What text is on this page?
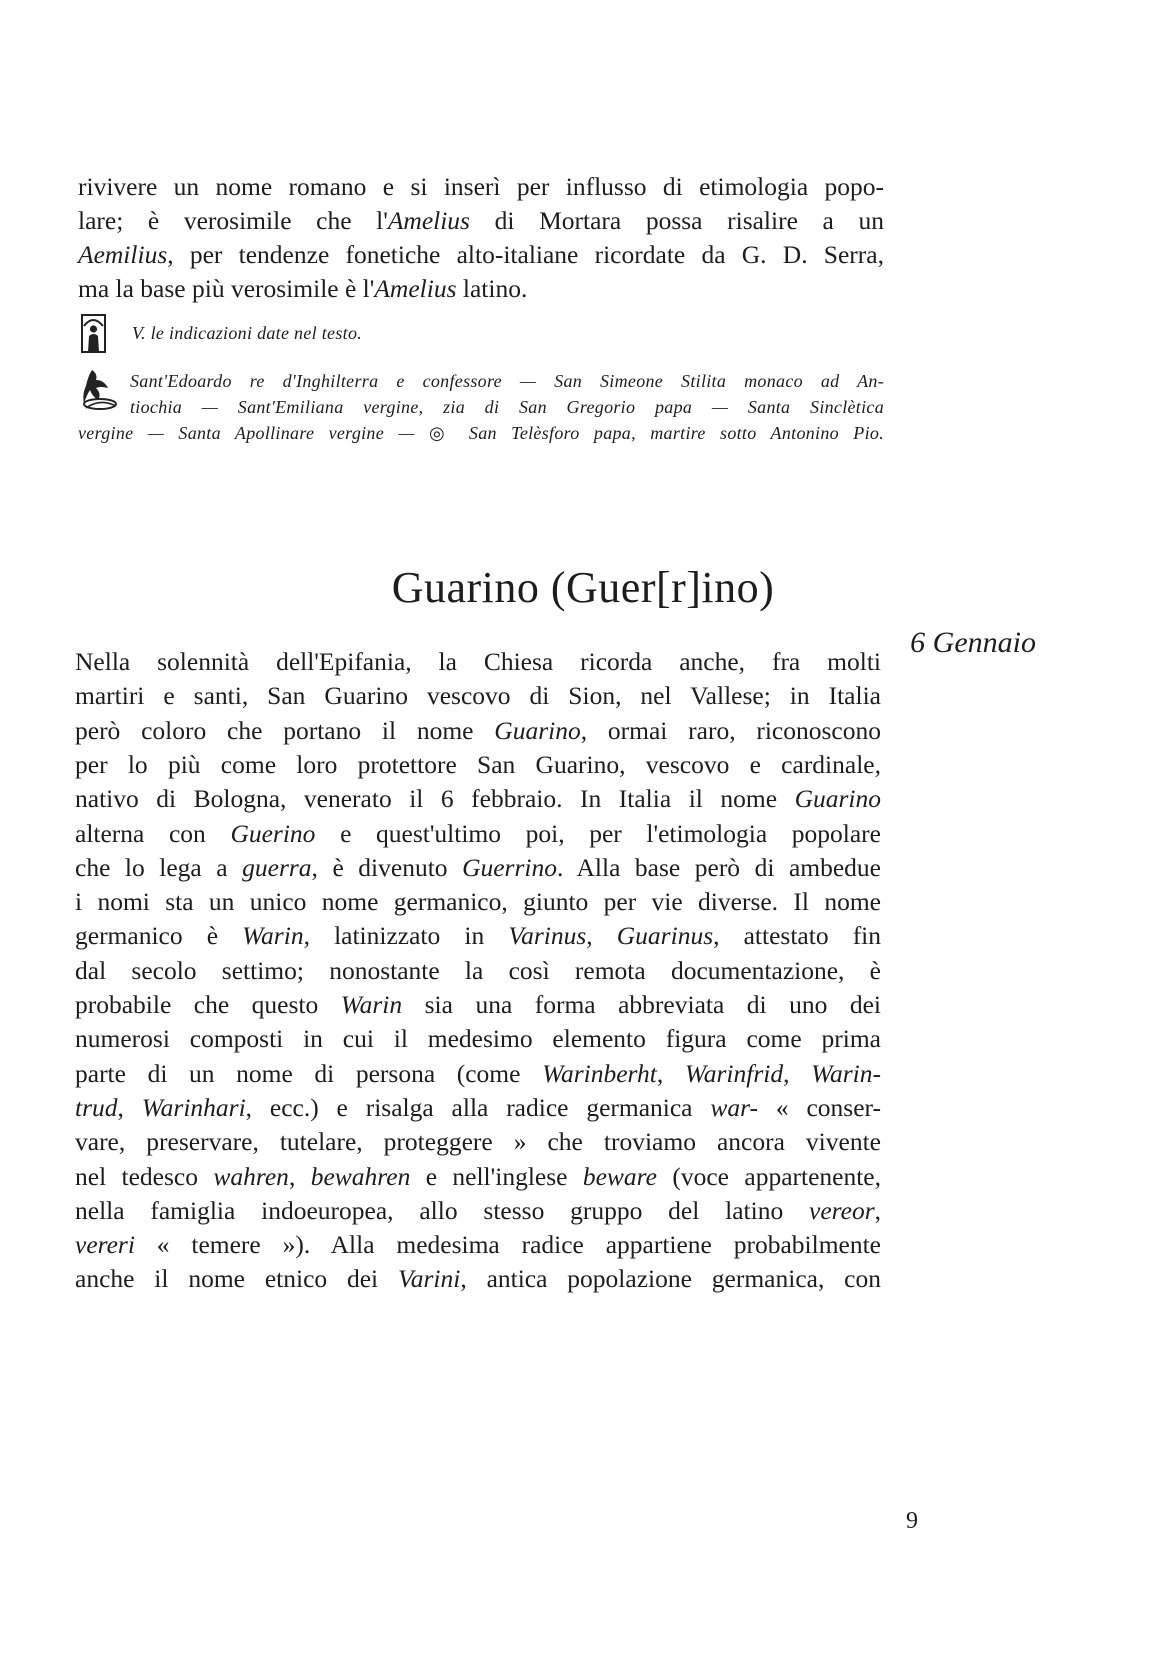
rivivere un nome romano e si inserì per influsso di etimologia popo-
lare; è verosimile che l'Amelius di Mortara possa risalire a un
Aemilius, per tendenze fonetiche alto-italiane ricordate da G. D. Serra,
ma la base più verosimile è l'Amelius latino.
V. le indicazioni date nel testo.
Sant'Edoardo re d'Inghilterra e confessore — San Simeone Stilita monaco ad An-
tiochia — Sant'Emiliana vergine, zia di San Gregorio papa — Santa Sinclètica
vergine — Santa Apollinare vergine — ◎ San Telèsforo papa, martire sotto Antonino Pio.
Guarino (Guer[r]ino)
6 Gennaio
Nella solennità dell'Epifania, la Chiesa ricorda anche, fra molti
martiri e santi, San Guarino vescovo di Sion, nel Vallese; in Italia
però coloro che portano il nome Guarino, ormai raro, riconoscono
per lo più come loro protettore San Guarino, vescovo e cardinale,
nativo di Bologna, venerato il 6 febbraio. In Italia il nome Guarino
alterna con Guerino e quest'ultimo poi, per l'etimologia popolare
che lo lega a guerra, è divenuto Guerrino. Alla base però di ambedue
i nomi sta un unico nome germanico, giunto per vie diverse. Il nome
germanico è Warin, latinizzato in Varinus, Guarinus, attestato fin
dal secolo settimo; nonostante la così remota documentazione, è
probabile che questo Warin sia una forma abbreviata di uno dei
numerosi composti in cui il medesimo elemento figura come prima
parte di un nome di persona (come Warinberht, Warinfrid, Warin-
trud, Warinhari, ecc.) e risalga alla radice germanica war- « conser-
vare, preservare, tutelare, proteggere » che troviamo ancora vivente
nel tedesco wahren, bewahren e nell'inglese beware (voce appartenente,
nella famiglia indoeuropea, allo stesso gruppo del latino vereor,
vereri « temere »). Alla medesima radice appartiene probabilmente
anche il nome etnico dei Varini, antica popolazione germanica, con
9
